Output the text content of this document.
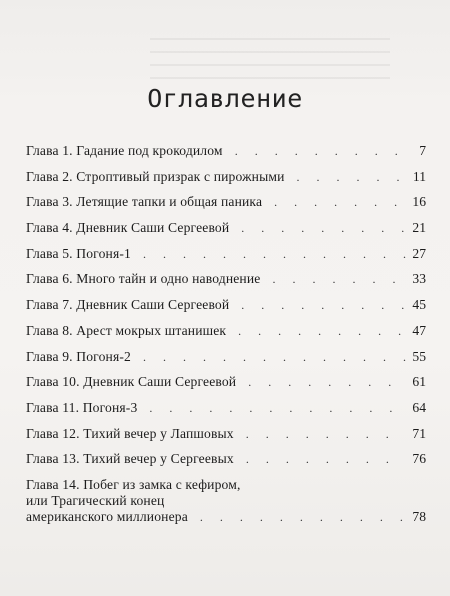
Оглавление
Глава 1. Гадание под крокодилом . . .	7
Глава 2. Строптивый призрак с пирожными . . .	11
Глава 3. Летящие тапки и общая паника . . .	16
Глава 4. Дневник Саши Сергеевой . . .	21
Глава 5. Погоня-1 . . .	27
Глава 6. Много тайн и одно наводнение . . .	33
Глава 7. Дневник Саши Сергеевой . . .	45
Глава 8. Арест мокрых штанишек . . .	47
Глава 9. Погоня-2 . . .	55
Глава 10. Дневник Саши Сергеевой . . .	61
Глава 11. Погоня-3 . . .	64
Глава 12. Тихий вечер у Лапшовых . . .	71
Глава 13. Тихий вечер у Сергеевых . . .	76
Глава 14. Побег из замка с кефиром,
или Трагический конец
американского миллионера . . .	78
